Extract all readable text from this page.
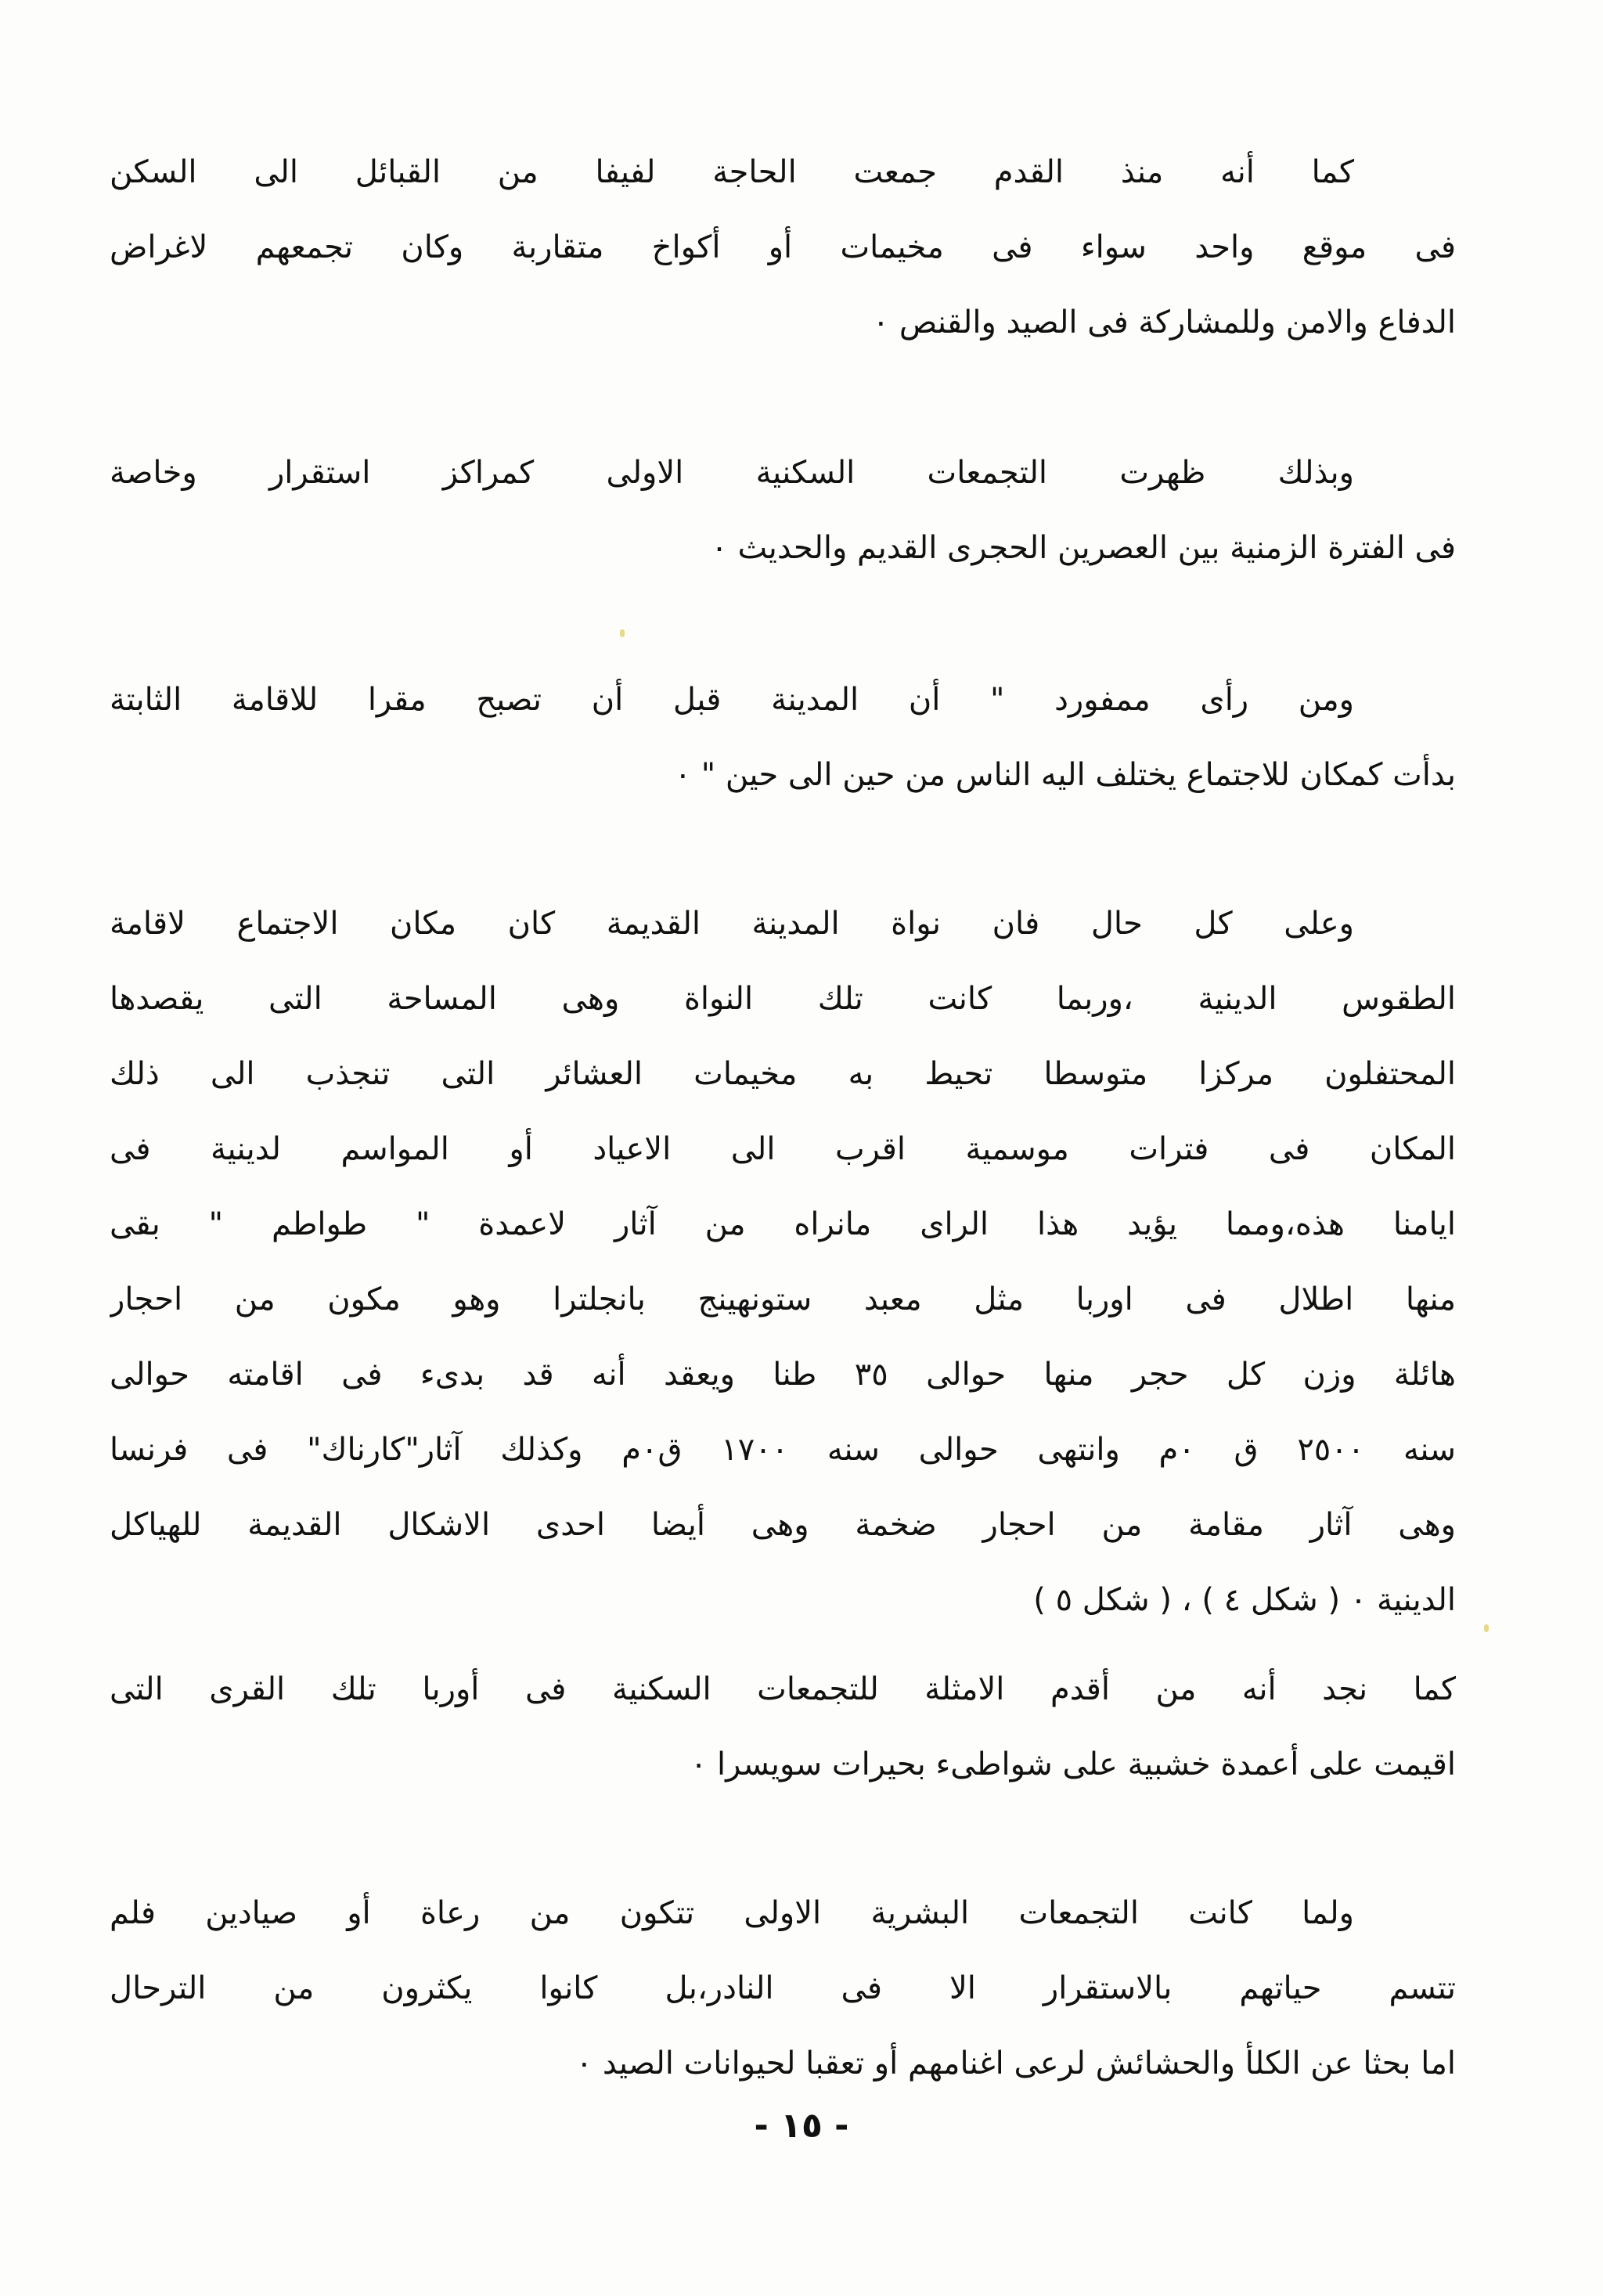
كما أنه منذ القدم جمعت الحاجة لفيفا من القبائل الى السكن
فى موقع واحد سواء فى مخيمات أو أكواخ متقاربة وكان تجمعهم لاغراض
الدفاع والامن وللمشاركة فى الصيد والقنص ٠
وبذلك ظهرت التجمعات السكنية الاولى كمراكز استقرار وخاصة
فى الفترة الزمنية بين العصرين الحجرى القديم والحديث ٠
ومن رأى ممفورد " أن المدينة قبل أن تصبح مقرا للاقامة الثابتة
بدأت كمكان للاجتماع يختلف اليه الناس من حين الى حين " ٠
وعلى كل حال فان نواة المدينة القديمة كان مكان الاجتماع لاقامة
الطقوس الدينية ،وربما كانت تلك النواة وهى المساحة التى يقصدها
المحتفلون مركزا متوسطا تحيط به مخيمات العشائر التى تنجذب الى ذلك
المكان فى فترات موسمية اقرب الى الاعياد أو المواسم لدينية فى
ايامنا هذه،ومما يؤيد هذا الراى مانراه من آثار لاعمدة " طواطم " بقى
منها اطلال فى اوربا مثل معبد ستونهينج بانجلترا وهو مكون من احجار
هائلة وزن كل حجر منها حوالى ٣٥ طنا ويعقد أنه قد بدىء فى اقامته حوالى
سنه ٢٥٠٠ ق ٠م وانتهى حوالى سنه ١٧٠٠ ق٠م وكذلك آثار"كارناك" فى فرنسا
وهى آثار مقامة من احجار ضخمة وهى أيضا احدى الاشكال القديمة للهياكل
الدينية ٠ ( شكل ٤ ) ، ( شكل ٥ )
كما نجد أنه من أقدم الامثلة للتجمعات السكنية فى أوربا تلك القرى التى
اقيمت على أعمدة خشبية على شواطىء بحيرات سويسرا ٠
ولما كانت التجمعات البشرية الاولى تتكون من رعاة أو صيادين فلم
تتسم حياتهم بالاستقرار الا فى النادر،بل كانوا يكثرون من الترحال
اما بحثا عن الكلأ والحشائش لرعى اغنامهم أو تعقبا لحيوانات الصيد ٠
- ١٥ -
